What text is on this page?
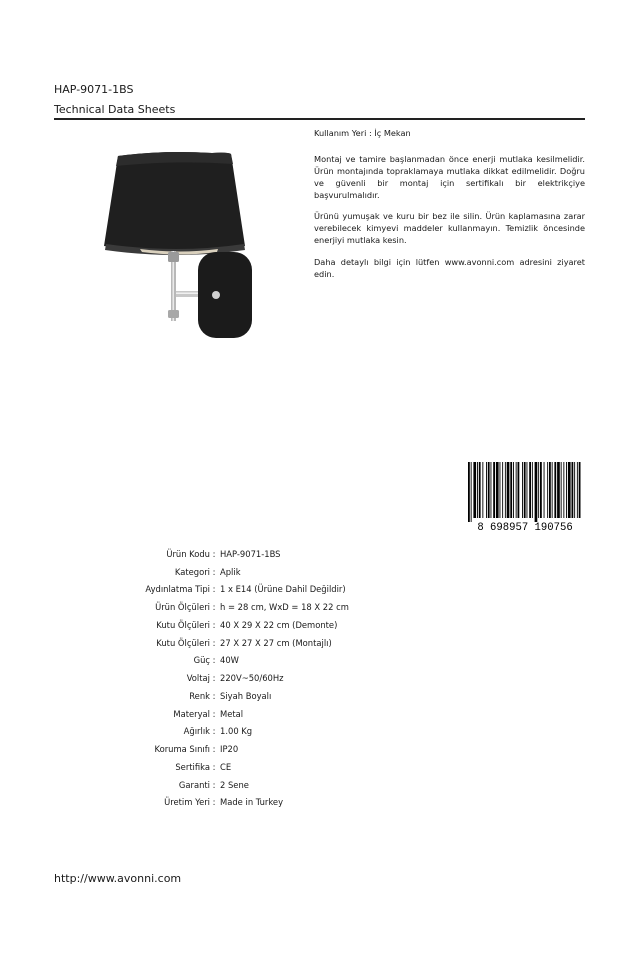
HAP-9071-1BS
Technical Data Sheets

Kullanım Yeri : İç Mekan

Montaj ve tamire başlanmadan önce enerji mutlaka kesilmelidir. Ürün montajında topraklamaya mutlaka dikkat edilmelidir. Doğru ve güvenli bir montaj için sertifikalı bir elektrikçiye başvurulmalıdır.

Ürünü yumuşak ve kuru bir bez ile silin. Ürün kaplamasına zarar verebilecek kimyevi maddeler kullanmayın. Temizlik öncesinde enerjiyi mutlaka kesin.

Daha detaylı bilgi için lütfen www.avonni.com adresini ziyaret edin.

8 698957 190756
Ürün Kodu : HAP-9071-1BS
Kategori : Aplik
Aydınlatma Tipi : 1 x E14 (Ürüne Dahil Değildir)
Ürün Ölçüleri : h = 28 cm, WxD = 18 X 22 cm
Kutu Ölçüleri : 40 X 29 X 22 cm (Demonte)
Kutu Ölçüleri : 27 X 27 X 27 cm (Montajlı)
Güç : 40W
Voltaj : 220V~50/60Hz
Renk : Siyah Boyalı
Materyal : Metal
Ağırlık : 1.00 Kg
Koruma Sınıfı : IP20
Sertifika : CE
Garanti : 2 Sene
Üretim Yeri : Made in Turkey
http://www.avonni.com
